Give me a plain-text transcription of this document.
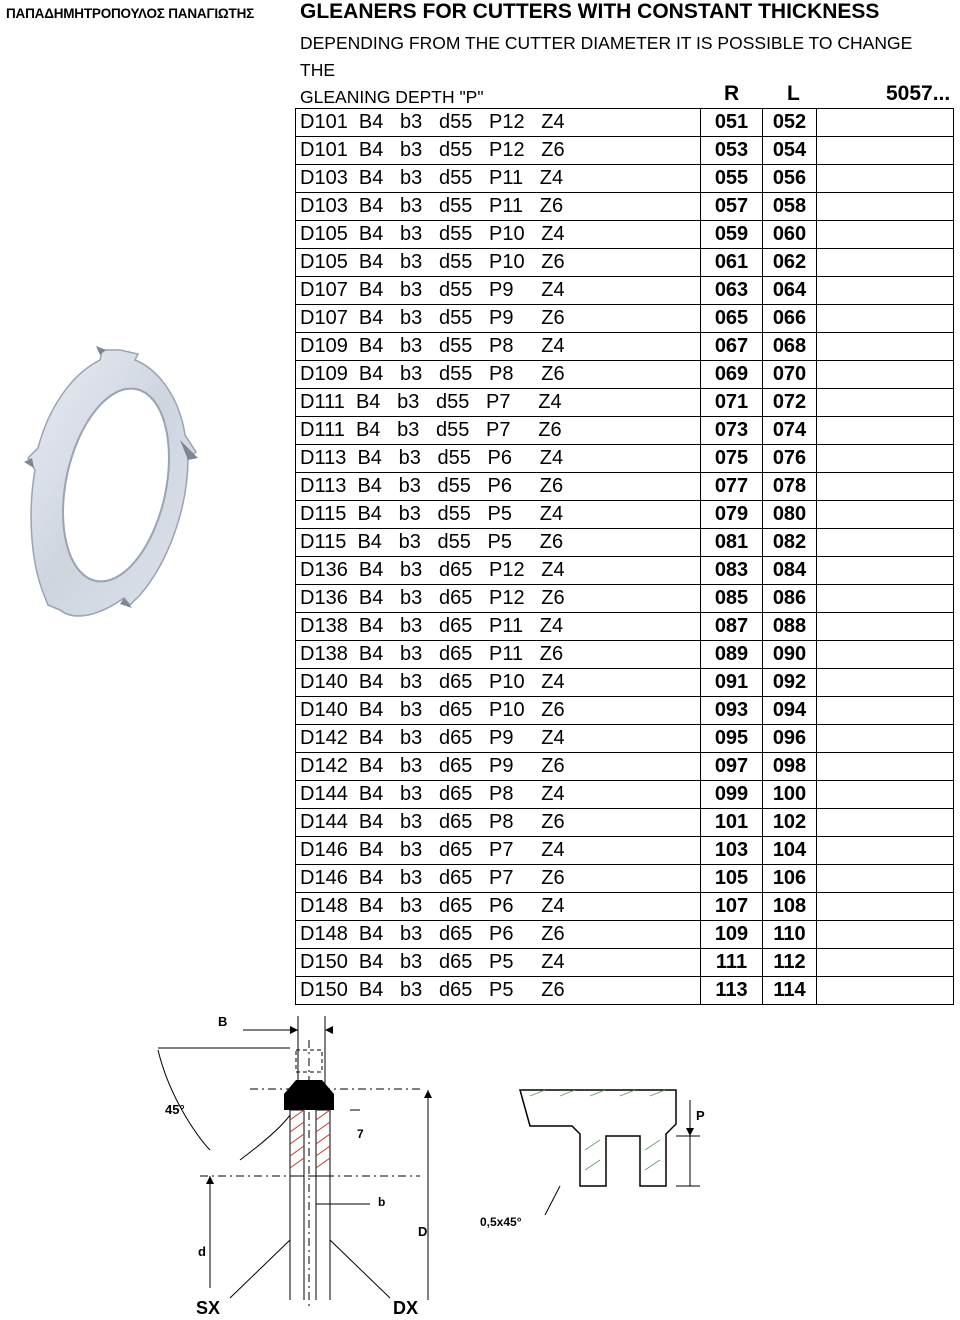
ΠΑΠΑΔΗΜΗΤΡΟΠΟΥΛΟΣ ΠΑΝΑΓΙΩΤΗΣ GLEANERS FOR CUTTERS WITH CONSTANT THICKNESS
DEPENDING FROM THE CUTTER DIAMETER IT IS POSSIBLE TO CHANGE THE
GLEANING DEPTH "P"	R L	5057...
D101  B4   b3   d55   P12   Z4	051	052	
D101  B4   b3   d55   P12   Z6	053	054	
D103  B4   b3   d55   P11   Z4	055	056	
D103  B4   b3   d55   P11   Z6	057	058	
D105  B4   b3   d55   P10   Z4	059	060	
D105  B4   b3   d55   P10   Z6	061	062	
D107  B4   b3   d55   P9     Z4	063	064	
D107  B4   b3   d55   P9     Z6	065	066	
D109  B4   b3   d55   P8     Z4	067	068	
D109  B4   b3   d55   P8     Z6	069	070	
D111  B4   b3   d55   P7     Z4	071	072	
D111  B4   b3   d55   P7     Z6	073	074	
D113  B4   b3   d55   P6     Z4	075	076	
D113  B4   b3   d55   P6     Z6	077	078	
D115  B4   b3   d55   P5     Z4	079	080	
D115  B4   b3   d55   P5     Z6	081	082	
D136  B4   b3   d65   P12   Z4	083	084	
D136  B4   b3   d65   P12   Z6	085	086	
D138  B4   b3   d65   P11   Z4	087	088	
D138  B4   b3   d65   P11   Z6	089	090	
D140  B4   b3   d65   P10   Z4	091	092	
D140  B4   b3   d65   P10   Z6	093	094	
D142  B4   b3   d65   P9     Z4	095	096	
D142  B4   b3   d65   P9     Z6	097	098	
D144  B4   b3   d65   P8     Z4	099	100	
D144  B4   b3   d65   P8     Z6	101	102	
D146  B4   b3   d65   P7     Z4	103	104	
D146  B4   b3   d65   P7     Z6	105	106	
D148  B4   b3   d65   P6     Z4	107	108	
D148  B4   b3   d65   P6     Z6	109	110	
D150  B4   b3   d65   P5     Z4	111	112	
D150  B4   b3   d65   P5     Z6	113	114	
B
45°
7
b
d
D
SX	DX
P
0,5x45°
